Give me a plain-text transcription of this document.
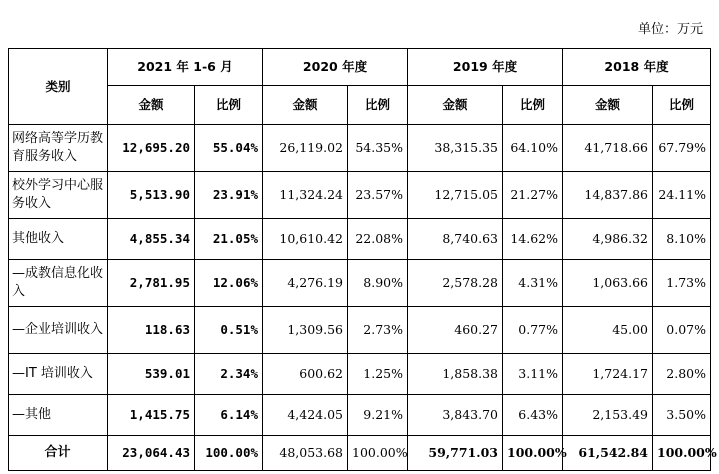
单位：万元
类别	2021 年 1-6 月		2020 年度		2019 年度		2018 年度	
	金额	比例	金额	比例	金额	比例	金额	比例
网络高等学历教育服务收入	12,695.20	55.04%	26,119.02	54.35%	38,315.35	64.10%	41,718.66	67.79%
校外学习中心服务收入	5,513.90	23.91%	11,324.24	23.57%	12,715.05	21.27%	14,837.86	24.11%
其他收入	4,855.34	21.05%	10,610.42	22.08%	8,740.63	14.62%	4,986.32	8.10%
—成教信息化收入	2,781.95	12.06%	4,276.19	8.90%	2,578.28	4.31%	1,063.66	1.73%
—企业培训收入	118.63	0.51%	1,309.56	2.73%	460.27	0.77%	45.00	0.07%
—IT 培训收入	539.01	2.34%	600.62	1.25%	1,858.38	3.11%	1,724.17	2.80%
—其他	1,415.75	6.14%	4,424.05	9.21%	3,843.70	6.43%	2,153.49	3.50%
合计	23,064.43	100.00%	48,053.68	100.00%	59,771.03	100.00%	61,542.84	100.00%
